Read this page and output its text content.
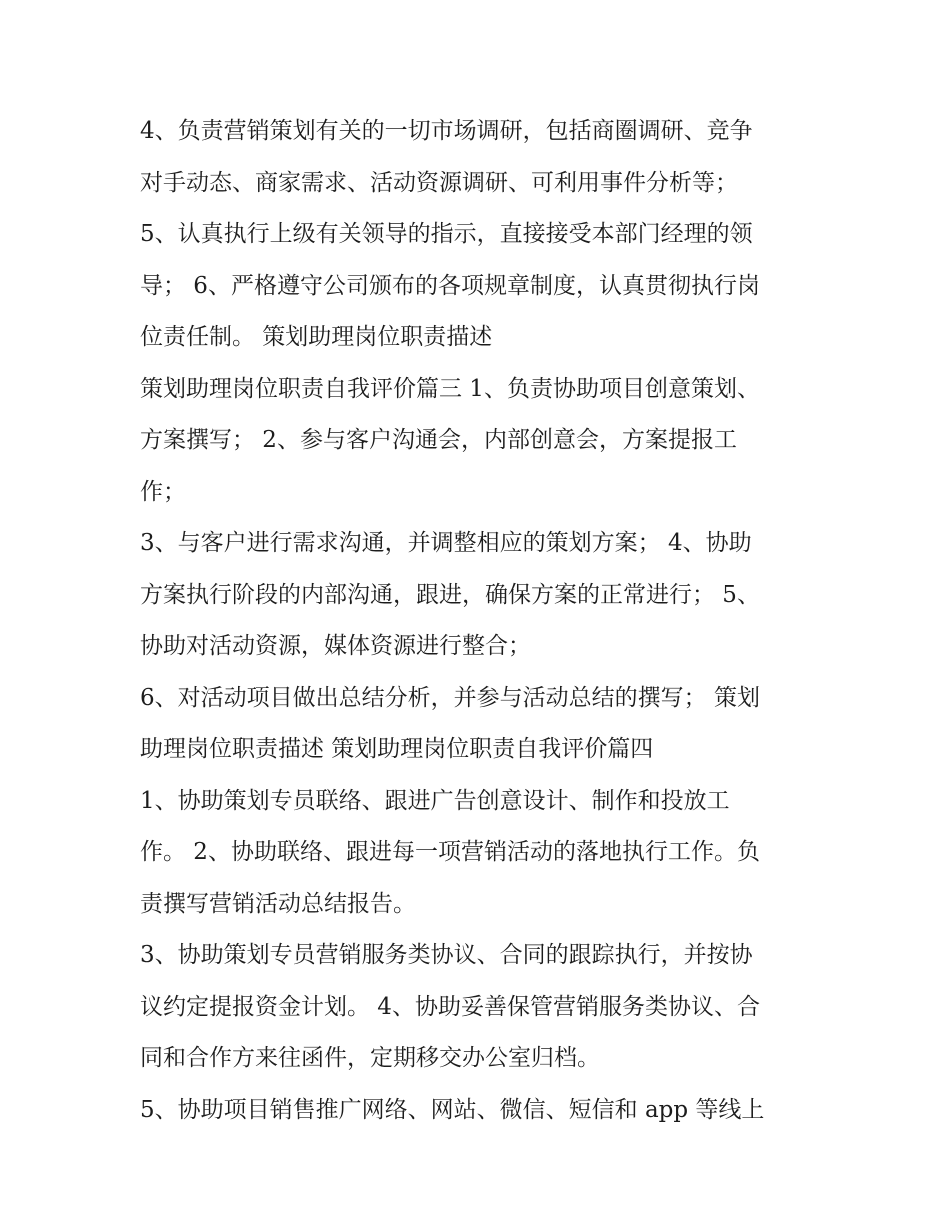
4、负责营销策划有关的一切市场调研，包括商圈调研、竞争
对手动态、商家需求、活动资源调研、可利用事件分析等；
5、认真执行上级有关领导的指示，直接接受本部门经理的领
导； 6、严格遵守公司颁布的各项规章制度，认真贯彻执行岗
位责任制。 策划助理岗位职责描述
策划助理岗位职责自我评价篇三 1、负责协助项目创意策划、
方案撰写； 2、参与客户沟通会，内部创意会，方案提报工
作；
3、与客户进行需求沟通，并调整相应的策划方案； 4、协助
方案执行阶段的内部沟通，跟进，确保方案的正常进行； 5、
协助对活动资源，媒体资源进行整合；
6、对活动项目做出总结分析，并参与活动总结的撰写； 策划
助理岗位职责描述 策划助理岗位职责自我评价篇四
1、协助策划专员联络、跟进广告创意设计、制作和投放工
作。 2、协助联络、跟进每一项营销活动的落地执行工作。负
责撰写营销活动总结报告。
3、协助策划专员营销服务类协议、合同的跟踪执行，并按协
议约定提报资金计划。 4、协助妥善保管营销服务类协议、合
同和合作方来往函件，定期移交办公室归档。
5、协助项目销售推广网络、网站、微信、短信和 app 等线上
